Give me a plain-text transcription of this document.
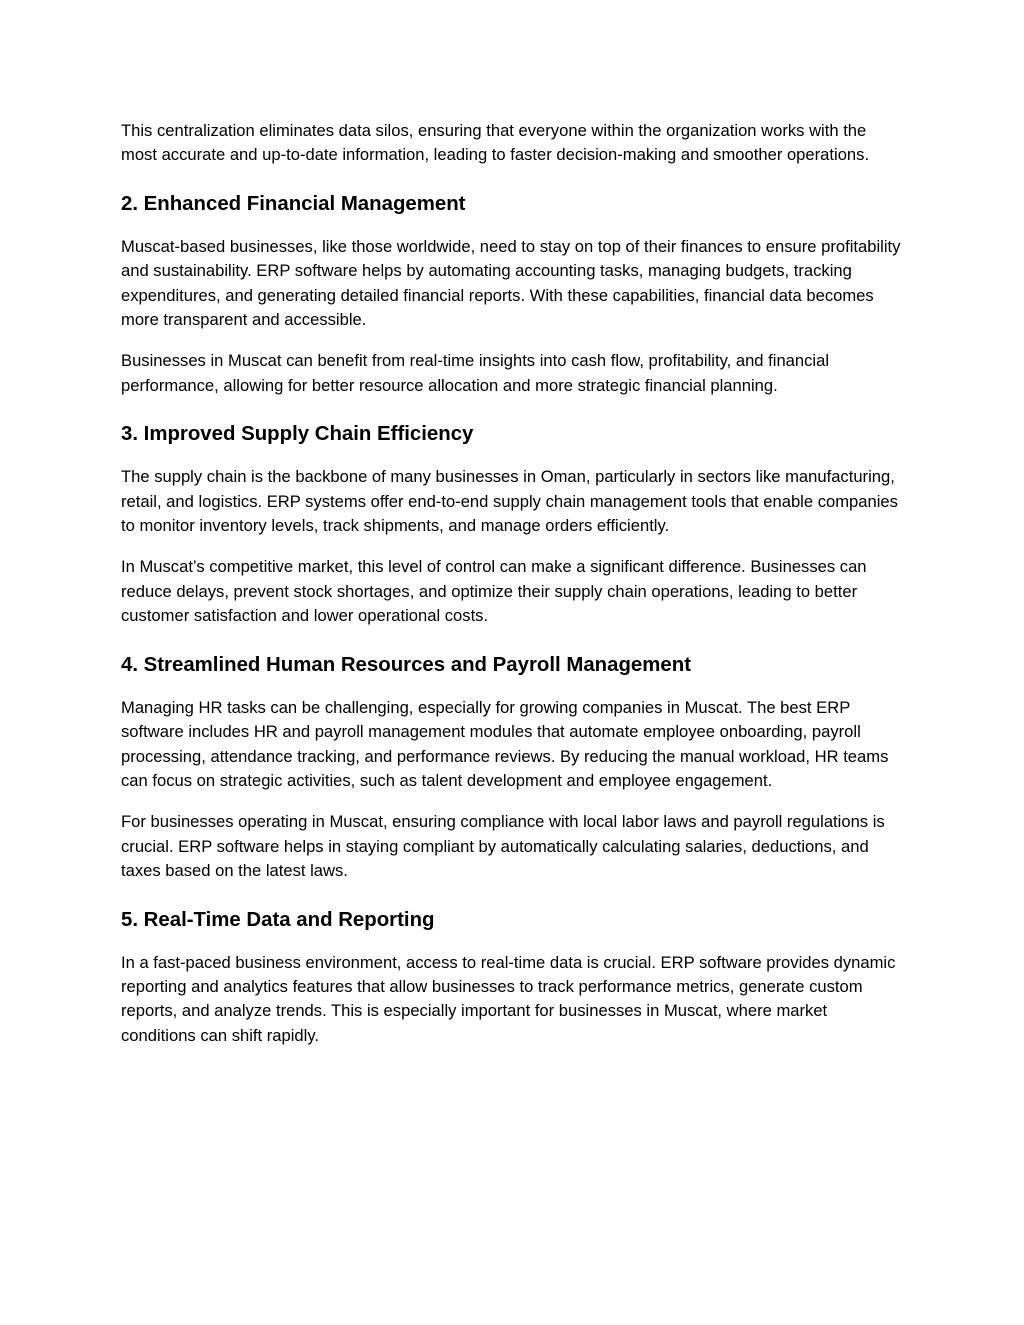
This centralization eliminates data silos, ensuring that everyone within the organization works with the most accurate and up-to-date information, leading to faster decision-making and smoother operations.

2. Enhanced Financial Management

Muscat-based businesses, like those worldwide, need to stay on top of their finances to ensure profitability and sustainability. ERP software helps by automating accounting tasks, managing budgets, tracking expenditures, and generating detailed financial reports. With these capabilities, financial data becomes more transparent and accessible.

Businesses in Muscat can benefit from real-time insights into cash flow, profitability, and financial performance, allowing for better resource allocation and more strategic financial planning.

3. Improved Supply Chain Efficiency

The supply chain is the backbone of many businesses in Oman, particularly in sectors like manufacturing, retail, and logistics. ERP systems offer end-to-end supply chain management tools that enable companies to monitor inventory levels, track shipments, and manage orders efficiently.

In Muscat’s competitive market, this level of control can make a significant difference. Businesses can reduce delays, prevent stock shortages, and optimize their supply chain operations, leading to better customer satisfaction and lower operational costs.

4. Streamlined Human Resources and Payroll Management

Managing HR tasks can be challenging, especially for growing companies in Muscat. The best ERP software includes HR and payroll management modules that automate employee onboarding, payroll processing, attendance tracking, and performance reviews. By reducing the manual workload, HR teams can focus on strategic activities, such as talent development and employee engagement.

For businesses operating in Muscat, ensuring compliance with local labor laws and payroll regulations is crucial. ERP software helps in staying compliant by automatically calculating salaries, deductions, and taxes based on the latest laws.

5. Real-Time Data and Reporting

In a fast-paced business environment, access to real-time data is crucial. ERP software provides dynamic reporting and analytics features that allow businesses to track performance metrics, generate custom reports, and analyze trends. This is especially important for businesses in Muscat, where market conditions can shift rapidly.
